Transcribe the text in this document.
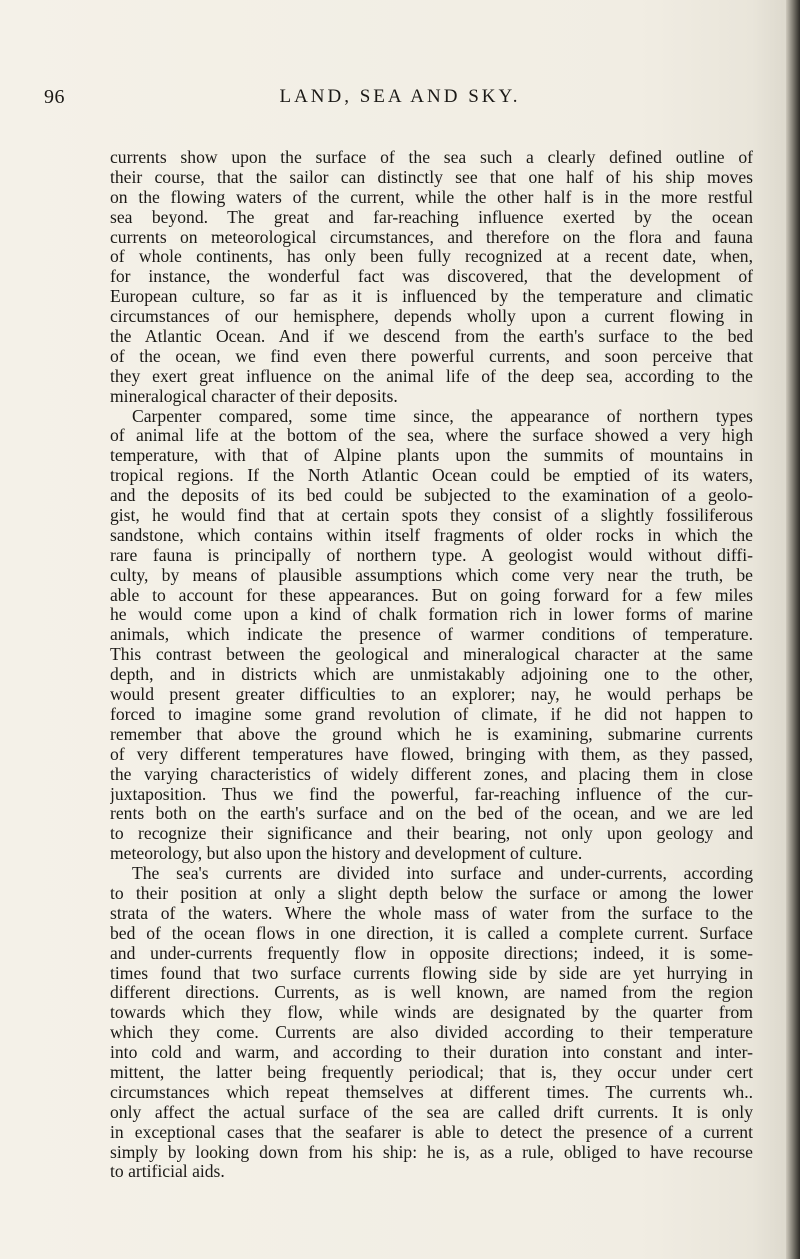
96	LAND, SEA AND SKY.
currents show upon the surface of the sea such a clearly defined outline of
their course, that the sailor can distinctly see that one half of his ship moves
on the flowing waters of the current, while the other half is in the more restful
sea beyond. The great and far-reaching influence exerted by the ocean
currents on meteorological circumstances, and therefore on the flora and fauna
of whole continents, has only been fully recognized at a recent date, when,
for instance, the wonderful fact was discovered, that the development of
European culture, so far as it is influenced by the temperature and climatic
circumstances of our hemisphere, depends wholly upon a current flowing in
the Atlantic Ocean. And if we descend from the earth's surface to the bed
of the ocean, we find even there powerful currents, and soon perceive that
they exert great influence on the animal life of the deep sea, according to the
mineralogical character of their deposits.
Carpenter compared, some time since, the appearance of northern types
of animal life at the bottom of the sea, where the surface showed a very high
temperature, with that of Alpine plants upon the summits of mountains in
tropical regions. If the North Atlantic Ocean could be emptied of its waters,
and the deposits of its bed could be subjected to the examination of a geolo-
gist, he would find that at certain spots they consist of a slightly fossiliferous
sandstone, which contains within itself fragments of older rocks in which the
rare fauna is principally of northern type. A geologist would without diffi-
culty, by means of plausible assumptions which come very near the truth, be
able to account for these appearances. But on going forward for a few miles
he would come upon a kind of chalk formation rich in lower forms of marine
animals, which indicate the presence of warmer conditions of temperature.
This contrast between the geological and mineralogical character at the same
depth, and in districts which are unmistakably adjoining one to the other,
would present greater difficulties to an explorer; nay, he would perhaps be
forced to imagine some grand revolution of climate, if he did not happen to
remember that above the ground which he is examining, submarine currents
of very different temperatures have flowed, bringing with them, as they passed,
the varying characteristics of widely different zones, and placing them in close
juxtaposition. Thus we find the powerful, far-reaching influence of the cur-
rents both on the earth's surface and on the bed of the ocean, and we are led
to recognize their significance and their bearing, not only upon geology and
meteorology, but also upon the history and development of culture.
The sea's currents are divided into surface and under-currents, according
to their position at only a slight depth below the surface or among the lower
strata of the waters. Where the whole mass of water from the surface to the
bed of the ocean flows in one direction, it is called a complete current. Surface
and under-currents frequently flow in opposite directions; indeed, it is some-
times found that two surface currents flowing side by side are yet hurrying in
different directions. Currents, as is well known, are named from the region
towards which they flow, while winds are designated by the quarter from
which they come. Currents are also divided according to their temperature
into cold and warm, and according to their duration into constant and inter-
mittent, the latter being frequently periodical; that is, they occur under cert
circumstances which repeat themselves at different times. The currents wh..
only affect the actual surface of the sea are called drift currents. It is only
in exceptional cases that the seafarer is able to detect the presence of a current
simply by looking down from his ship: he is, as a rule, obliged to have recourse
to artificial aids.
